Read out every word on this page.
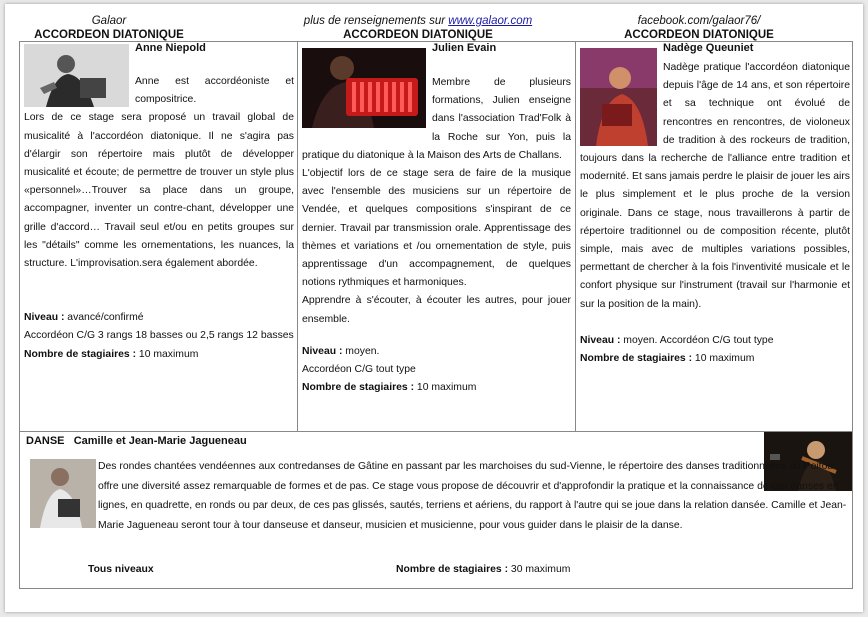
Galaor
ACCORDEON DIATONIQUE
plus de renseignements sur www.galaor.com
ACCORDEON DIATONIQUE
facebook.com/galaor76/
ACCORDEON DIATONIQUE
Anne Niepold

Anne est accordéoniste et compositrice.

Lors de ce stage sera proposé un travail global de musicalité à l'accordéon diatonique. Il ne s'agira pas d'élargir son répertoire mais plutôt de développer musicalité et écoute; de permettre de trouver un style plus «personnel»…Trouver sa place dans un groupe, accompagner, inventer un contre-chant, développer une grille d'accord… Travail seul et/ou en petits groupes sur les "détails" comme les ornementations, les nuances, la structure. L'improvisation.sera également abordée.

Niveau : avancé/confirmé

Accordéon C/G 3 rangs 18 basses ou 2,5 rangs 12 basses

Nombre de stagiaires : 10 maximum

Julien Evain

Membre de plusieurs formations, Julien enseigne dans l'association Trad'Folk à la Roche sur Yon, puis la pratique du diatonique à la Maison des Arts de Challans.

L'objectif lors de ce stage sera de faire de la musique avec l'ensemble des musiciens sur un répertoire de Vendée, et quelques compositions s'inspirant de ce dernier. Travail par transmission orale. Apprentissage des thèmes et variations et /ou ornementation de style, puis apprentissage d'un accompagnement, de quelques notions rythmiques et harmoniques.

Apprendre à s'écouter, à écouter les autres, pour jouer ensemble.

Niveau : moyen.

Accordéon C/G tout type

Nombre de stagiaires : 10 maximum

Nadège Queuniet

Nadège pratique l'accordéon diatonique depuis l'âge de 14 ans, et son répertoire et sa technique ont évolué de rencontres en rencontres, de violoneux de tradition à des rockeurs de tradition, toujours dans la recherche de l'alliance entre tradition et modernité. Et sans jamais perdre le plaisir de jouer les airs le plus simplement et le plus proche de la version originale. Dans ce stage, nous travaillerons à partir de répertoire traditionnel ou de composition récente, plutôt simple, mais avec de multiples variations possibles, permettant de chercher à la fois l'inventivité musicale et le confort physique sur l'instrument (travail sur l'harmonie et sur la position de la main).

Niveau : moyen. Accordéon C/G tout type

Nombre de stagiaires : 10 maximum

DANSE Camille et Jean-Marie Jagueneau
Des rondes chantées vendéennes aux contredanses de Gâtine en passant par les marchoises du sud-Vienne, le répertoire des danses traditionnelles du Poitou offre une diversité assez remarquable de formes et de pas. Ce stage vous propose de découvrir et d'approfondir la pratique et la connaissance de ces danses en lignes, en quadrette, en ronds ou par deux, de ces pas glissés, sautés, terriens et aériens, du rapport à l'autre qui se joue dans la relation dansée. Camille et Jean-Marie Jagueneau seront tour à tour danseuse et danseur, musicien et musicienne, pour vous guider dans le plaisir de la danse.
Tous niveaux	Nombre de stagiaires : 30 maximum
